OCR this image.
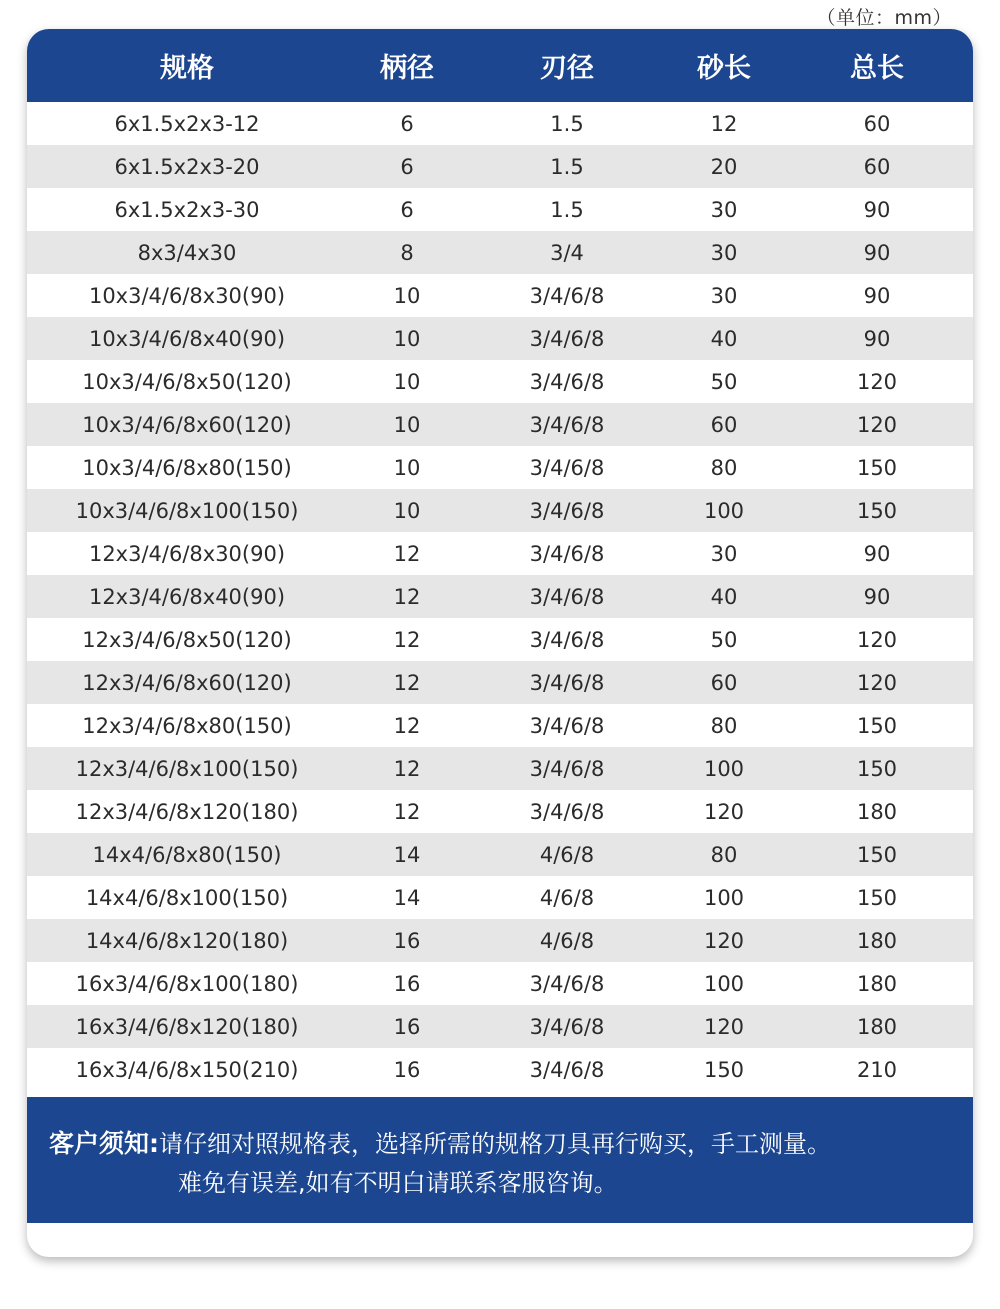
（单位：mm）
规格	柄径	刃径	砂长	总长
6x1.5x2x3-12	6	1.5	12	60
6x1.5x2x3-20	6	1.5	20	60
6x1.5x2x3-30	6	1.5	30	90
8x3/4x30	8	3/4	30	90
10x3/4/6/8x30(90)	10	3/4/6/8	30	90
10x3/4/6/8x40(90)	10	3/4/6/8	40	90
10x3/4/6/8x50(120)	10	3/4/6/8	50	120
10x3/4/6/8x60(120)	10	3/4/6/8	60	120
10x3/4/6/8x80(150)	10	3/4/6/8	80	150
10x3/4/6/8x100(150)	10	3/4/6/8	100	150
12x3/4/6/8x30(90)	12	3/4/6/8	30	90
12x3/4/6/8x40(90)	12	3/4/6/8	40	90
12x3/4/6/8x50(120)	12	3/4/6/8	50	120
12x3/4/6/8x60(120)	12	3/4/6/8	60	120
12x3/4/6/8x80(150)	12	3/4/6/8	80	150
12x3/4/6/8x100(150)	12	3/4/6/8	100	150
12x3/4/6/8x120(180)	12	3/4/6/8	120	180
14x4/6/8x80(150)	14	4/6/8	80	150
14x4/6/8x100(150)	14	4/6/8	100	150
14x4/6/8x120(180)	16	4/6/8	120	180
16x3/4/6/8x100(180)	16	3/4/6/8	100	180
16x3/4/6/8x120(180)	16	3/4/6/8	120	180
16x3/4/6/8x150(210)	16	3/4/6/8	150	210
客户须知:请仔细对照规格表，选择所需的规格刀具再行购买，手工测量。
难免有误差,如有不明白请联系客服咨询。
